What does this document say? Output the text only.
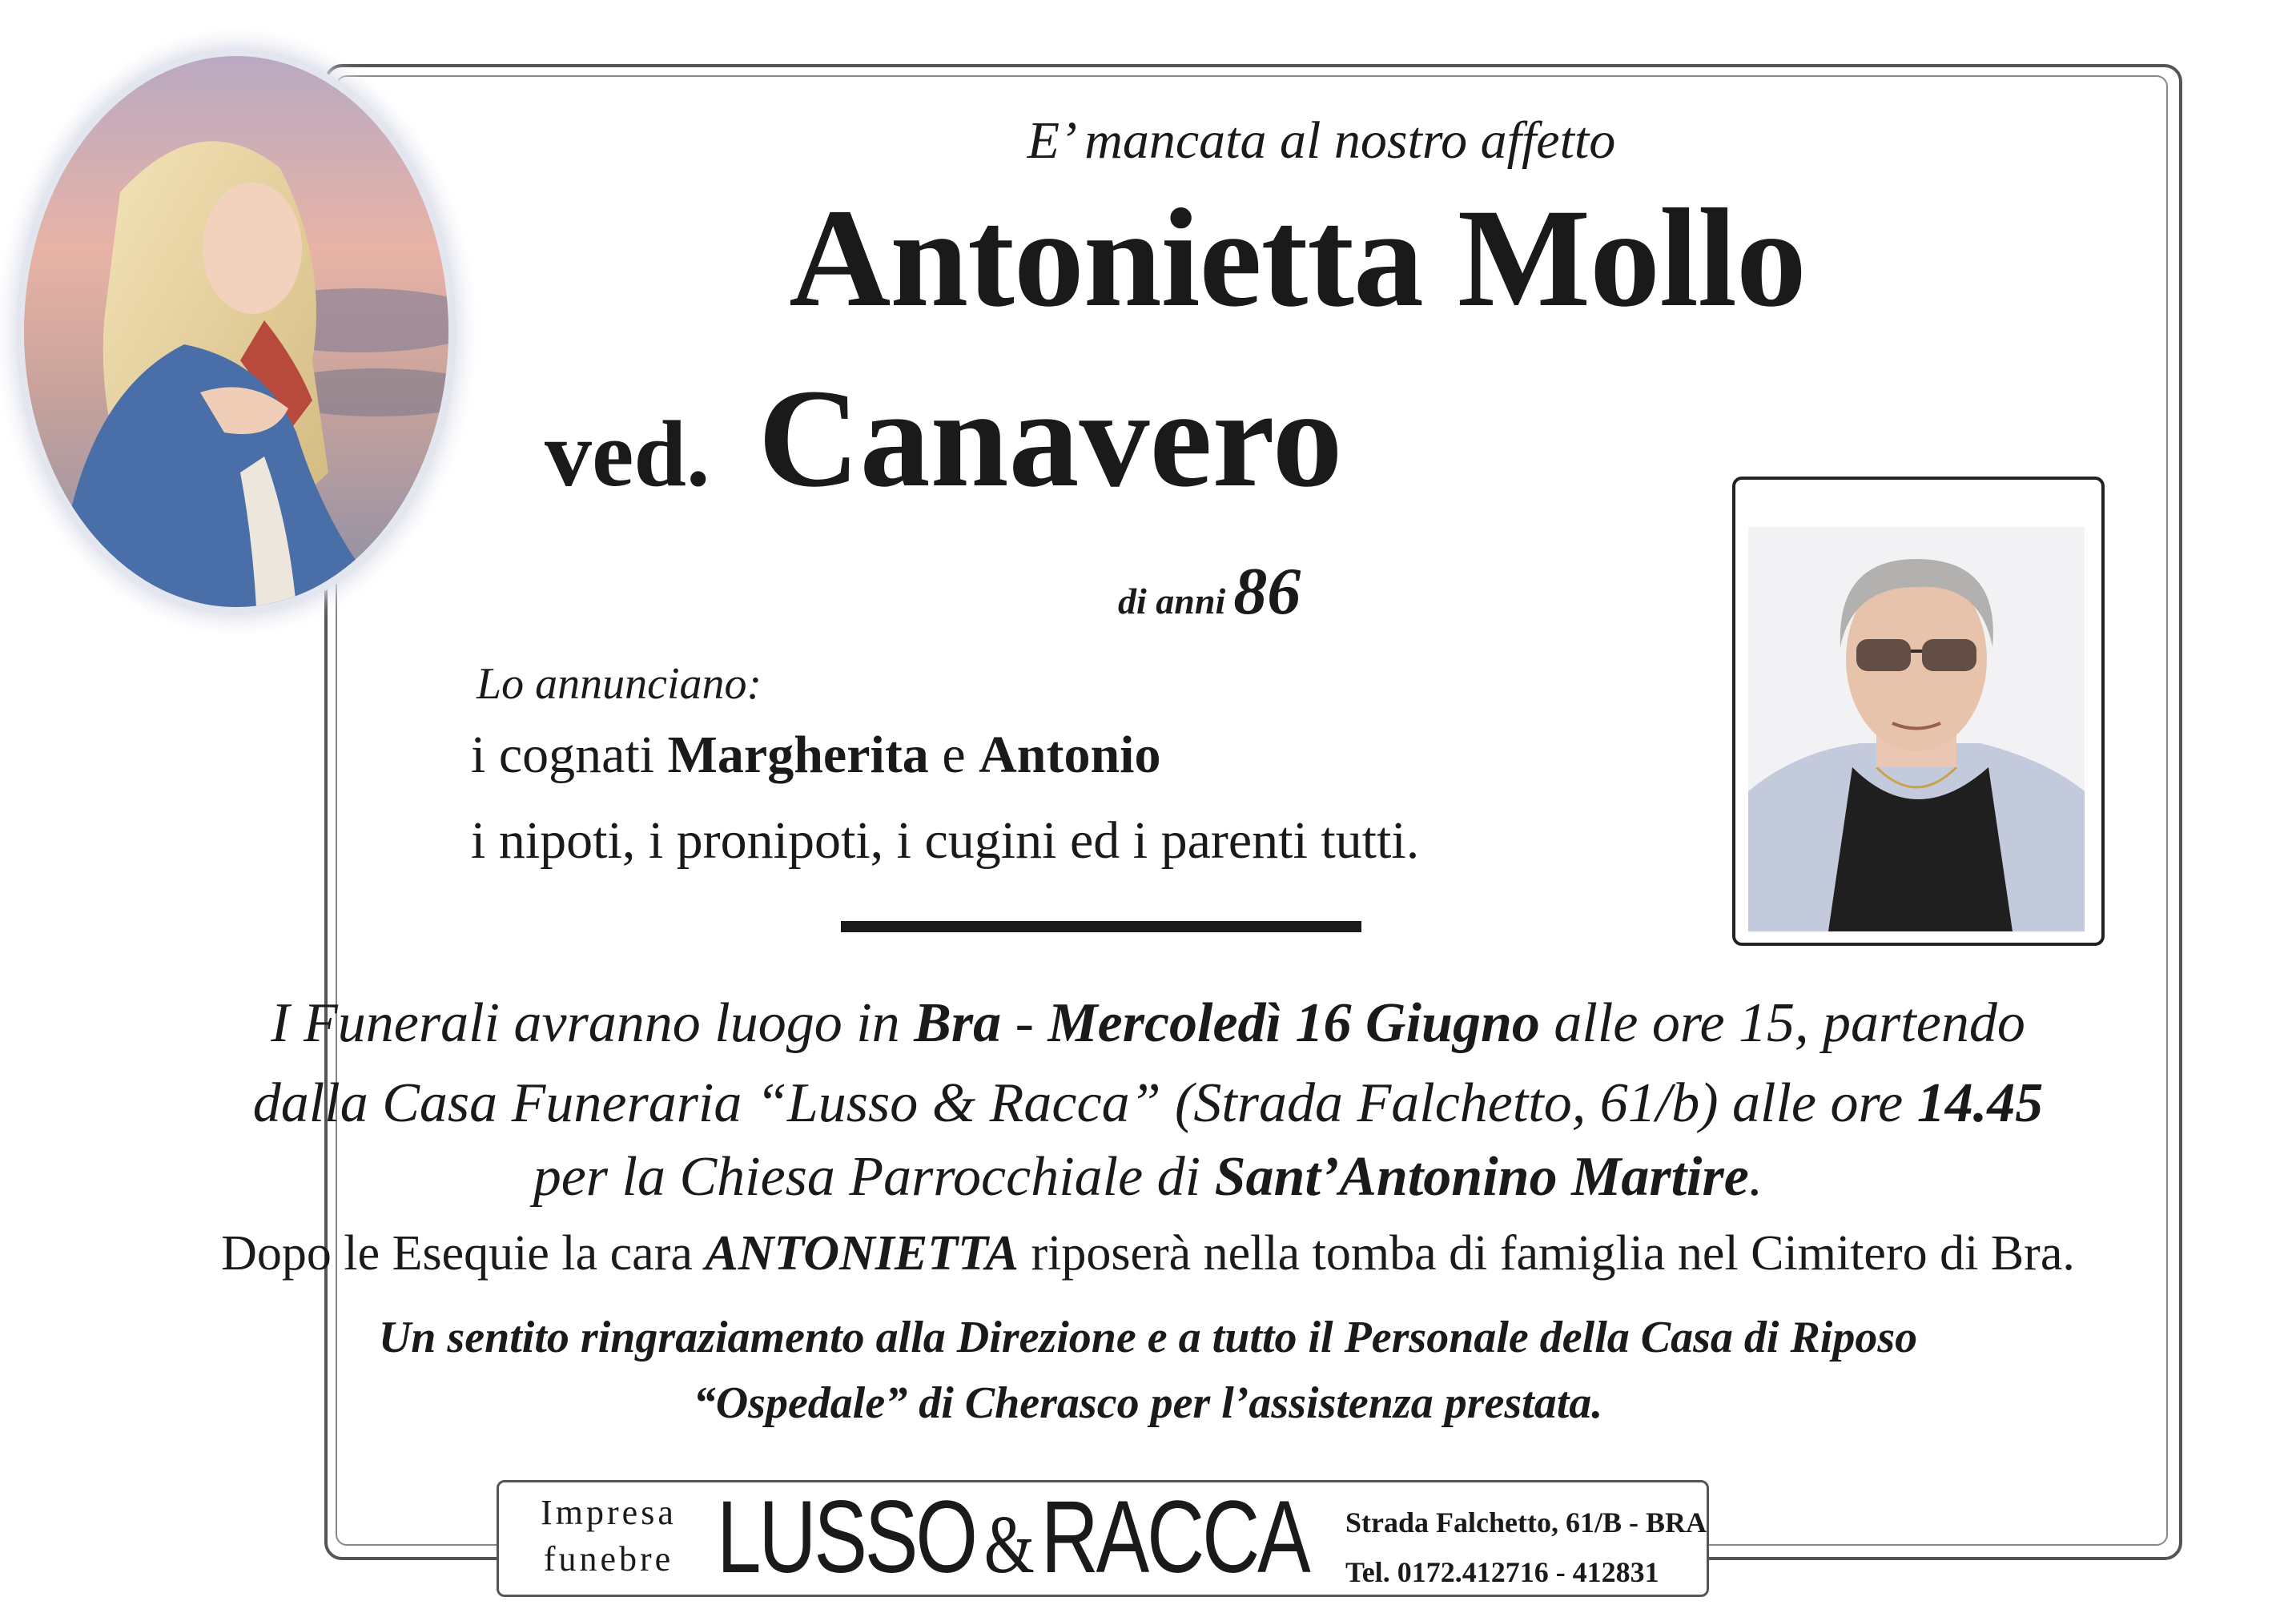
E’ mancata al nostro affetto
Antonietta Mollo
ved. Canavero
di anni 86
Lo annunciano:
i cognati Margherita e Antonio
i nipoti, i pronipoti, i cugini ed i parenti tutti.
I Funerali avranno luogo in Bra - Mercoledì 16 Giugno alle ore 15, partendo
dalla Casa Funeraria “Lusso & Racca” (Strada Falchetto, 61/b) alle ore 14.45
per la Chiesa Parrocchiale di Sant’Antonino Martire.
Dopo le Esequie la cara ANTONIETTA riposerà nella tomba di famiglia nel Cimitero di Bra.
Un sentito ringraziamento alla Direzione e a tutto il Personale della Casa di Riposo
“Ospedale” di Cherasco per l’assistenza prestata.
Impresa
funebre LUSSO &RACCA Strada Falchetto, 61/B - BRA
Tel. 0172.412716 - 412831
